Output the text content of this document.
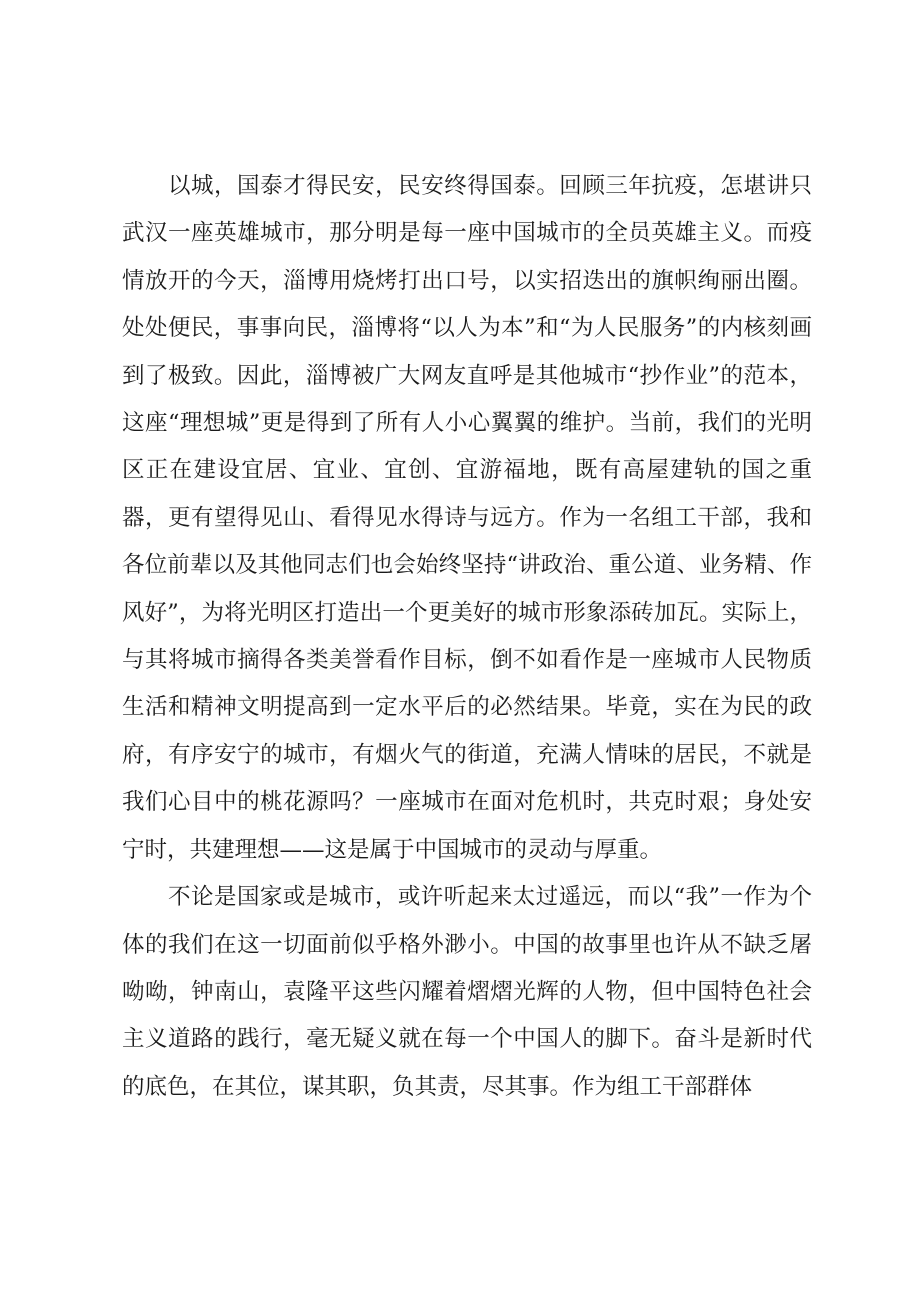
以城，国泰才得民安，民安终得国泰。回顾三年抗疫，怎堪讲只武汉一座英雄城市，那分明是每一座中国城市的全员英雄主义。而疫情放开的今天，淄博用烧烤打出口号，以实招迭出的旗帜绚丽出圈。处处便民，事事向民，淄博将“以人为本”和“为人民服务”的内核刻画到了极致。因此，淄博被广大网友直呼是其他城市“抄作业”的范本，这座“理想城”更是得到了所有人小心翼翼的维护。当前，我们的光明区正在建设宜居、宜业、宜创、宜游福地，既有高屋建轨的国之重器，更有望得见山、看得见水得诗与远方。作为一名组工干部，我和各位前辈以及其他同志们也会始终坚持“讲政治、重公道、业务精、作风好”，为将光明区打造出一个更美好的城市形象添砖加瓦。实际上，与其将城市摘得各类美誉看作目标，倒不如看作是一座城市人民物质生活和精神文明提高到一定水平后的必然结果。毕竟，实在为民的政府，有序安宁的城市，有烟火气的街道，充满人情味的居民，不就是我们心目中的桃花源吗？一座城市在面对危机时，共克时艰；身处安宁时，共建理想——这是属于中国城市的灵动与厚重。

不论是国家或是城市，或许听起来太过遥远，而以“我”一作为个体的我们在这一切面前似乎格外渺小。中国的故事里也许从不缺乏屠呦呦，钟南山，袁隆平这些闪耀着熠熠光辉的人物，但中国特色社会主义道路的践行，毫无疑义就在每一个中国人的脚下。奋斗是新时代的底色，在其位，谋其职，负其责，尽其事。作为组工干部群体
